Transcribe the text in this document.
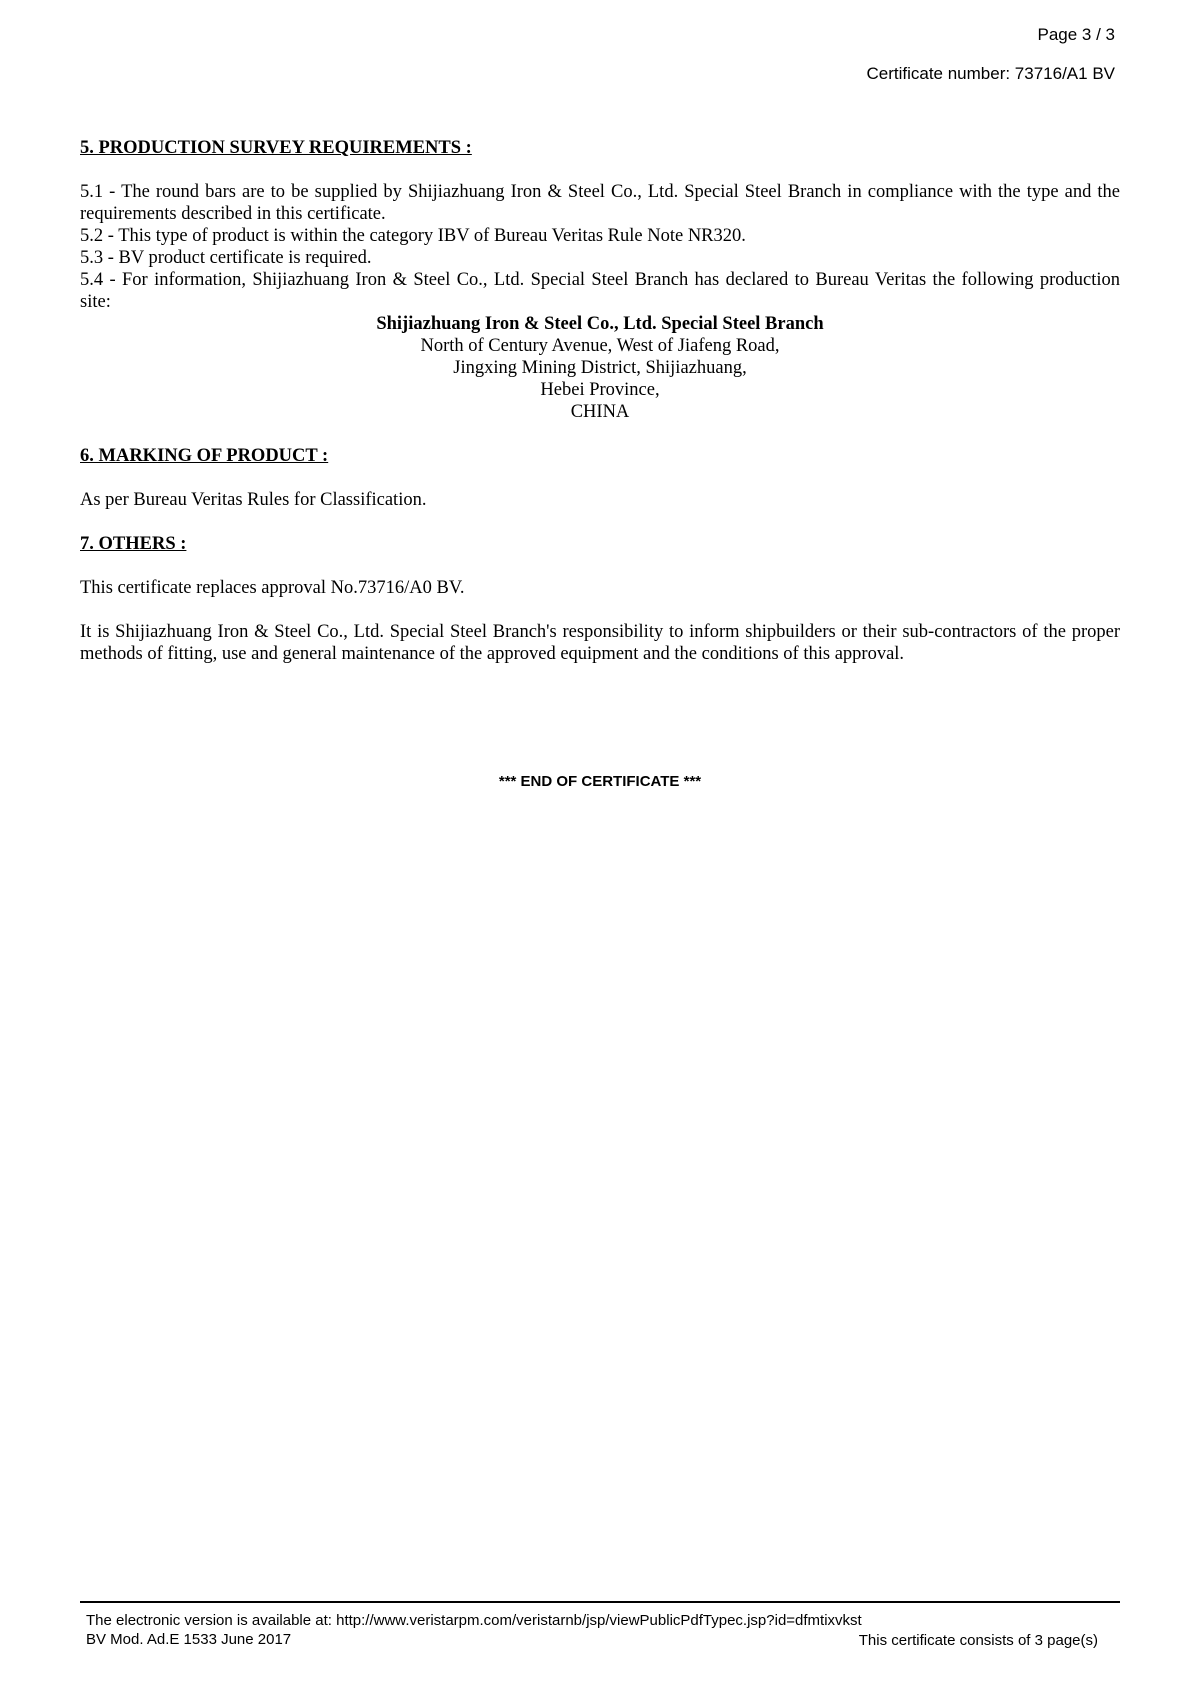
Page 3 / 3
Certificate number: 73716/A1 BV
5. PRODUCTION SURVEY REQUIREMENTS :

5.1 - The round bars are to be supplied by Shijiazhuang Iron & Steel Co., Ltd. Special Steel Branch in compliance with the type and the requirements described in this certificate.

5.2 - This type of product is within the category IBV of Bureau Veritas Rule Note NR320.

5.3 - BV product certificate is required.

5.4 - For information, Shijiazhuang Iron & Steel Co., Ltd. Special Steel Branch has declared to Bureau Veritas the following production site:

Shijiazhuang Iron & Steel Co., Ltd. Special Steel Branch
North of Century Avenue, West of Jiafeng Road,
Jingxing Mining District, Shijiazhuang,
Hebei Province,
CHINA
6. MARKING OF PRODUCT :

As per Bureau Veritas Rules for Classification.

7. OTHERS :

This certificate replaces approval No.73716/A0 BV.

It is Shijiazhuang Iron & Steel Co., Ltd. Special Steel Branch's responsibility to inform shipbuilders or their sub-contractors of the proper methods of fitting, use and general maintenance of the approved equipment and the conditions of this approval.

*** END OF CERTIFICATE ***
The electronic version is available at: http://www.veristarpm.com/veristarnb/jsp/viewPublicPdfTypec.jsp?id=dfmtixvkst
BV Mod. Ad.E 1533 June 2017	This certificate consists of 3 page(s)
